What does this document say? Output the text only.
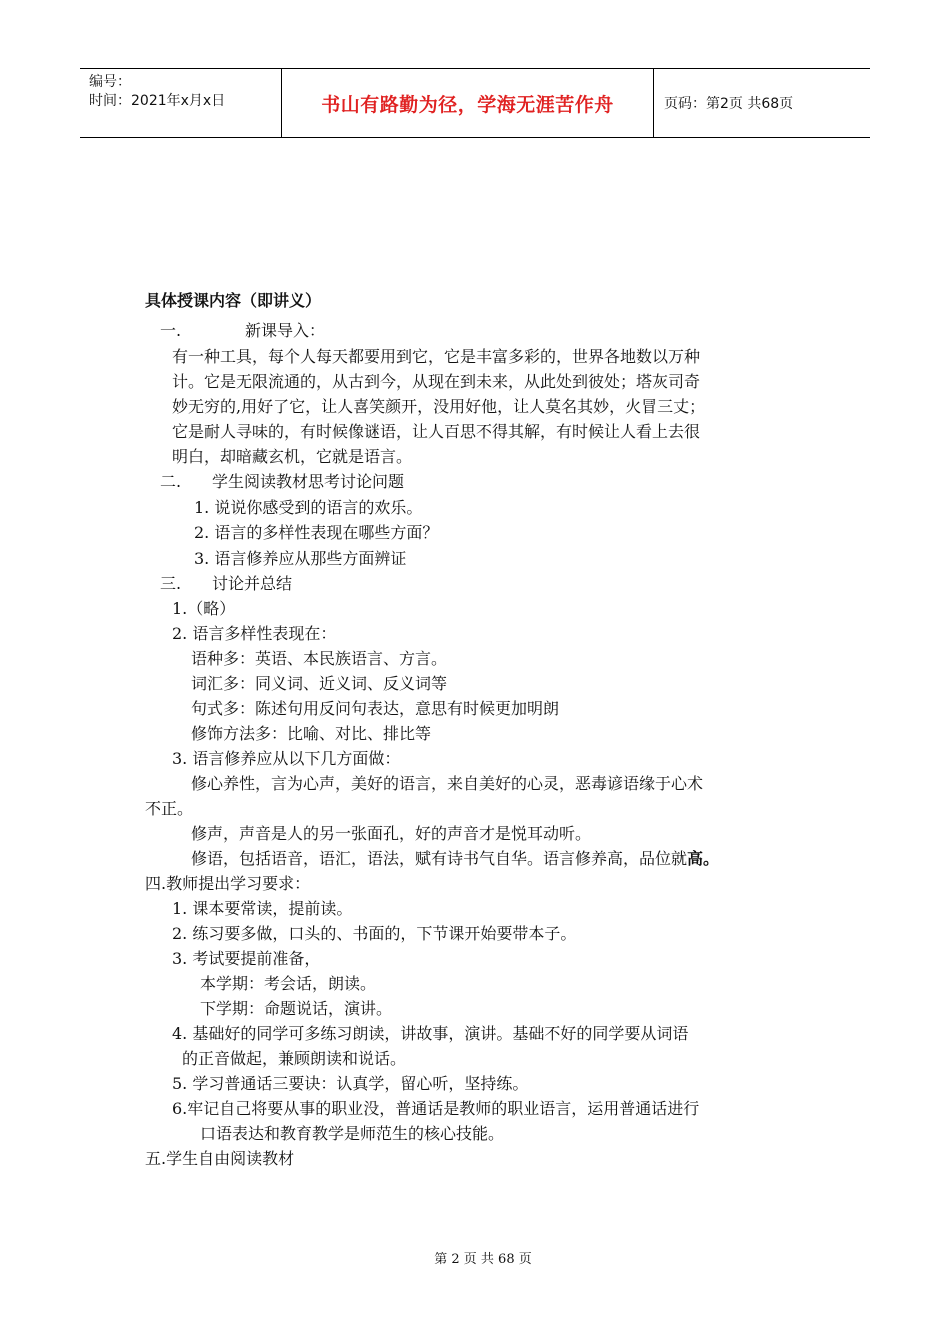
编号：
时间：2021年x月x日	书山有路勤为径，学海无涯苦作舟	页码：第2页 共68页
具体授课内容（即讲义）
一.	新课导入：
有一种工具，每个人每天都要用到它，它是丰富多彩的，世界各地数以万种
计。它是无限流通的，从古到今，从现在到未来，从此处到彼处；塔灰司奇
妙无穷的,用好了它，让人喜笑颜开，没用好他，让人莫名其妙，火冒三丈；
它是耐人寻味的，有时候像谜语，让人百思不得其解，有时候让人看上去很
明白，却暗藏玄机，它就是语言。
二. 学生阅读教材思考讨论问题
1. 说说你感受到的语言的欢乐。
2. 语言的多样性表现在哪些方面？
3. 语言修养应从那些方面辨证
三. 讨论并总结
1.（略）
2. 语言多样性表现在：
语种多：英语、本民族语言、方言。
词汇多：同义词、近义词、反义词等
句式多：陈述句用反问句表达，意思有时候更加明朗
修饰方法多：比喻、对比、排比等
3. 语言修养应从以下几方面做：
修心养性，言为心声，美好的语言，来自美好的心灵，恶毒谚语缘于心术
不正。
修声，声音是人的另一张面孔，好的声音才是悦耳动听。
修语，包括语音，语汇，语法，赋有诗书气自华。语言修养高，品位就高。
四.教师提出学习要求：
1. 课本要常读，提前读。
2. 练习要多做，口头的、书面的，下节课开始要带本子。
3. 考试要提前准备，
本学期：考会话，朗读。
下学期：命题说话，演讲。
4. 基础好的同学可多练习朗读，讲故事，演讲。基础不好的同学要从词语
的正音做起，兼顾朗读和说话。
5. 学习普通话三要诀：认真学，留心听，坚持练。
6.牢记自己将要从事的职业没，普通话是教师的职业语言，运用普通话进行
口语表达和教育教学是师范生的核心技能。
五.学生自由阅读教材
第 2 页 共 68 页
